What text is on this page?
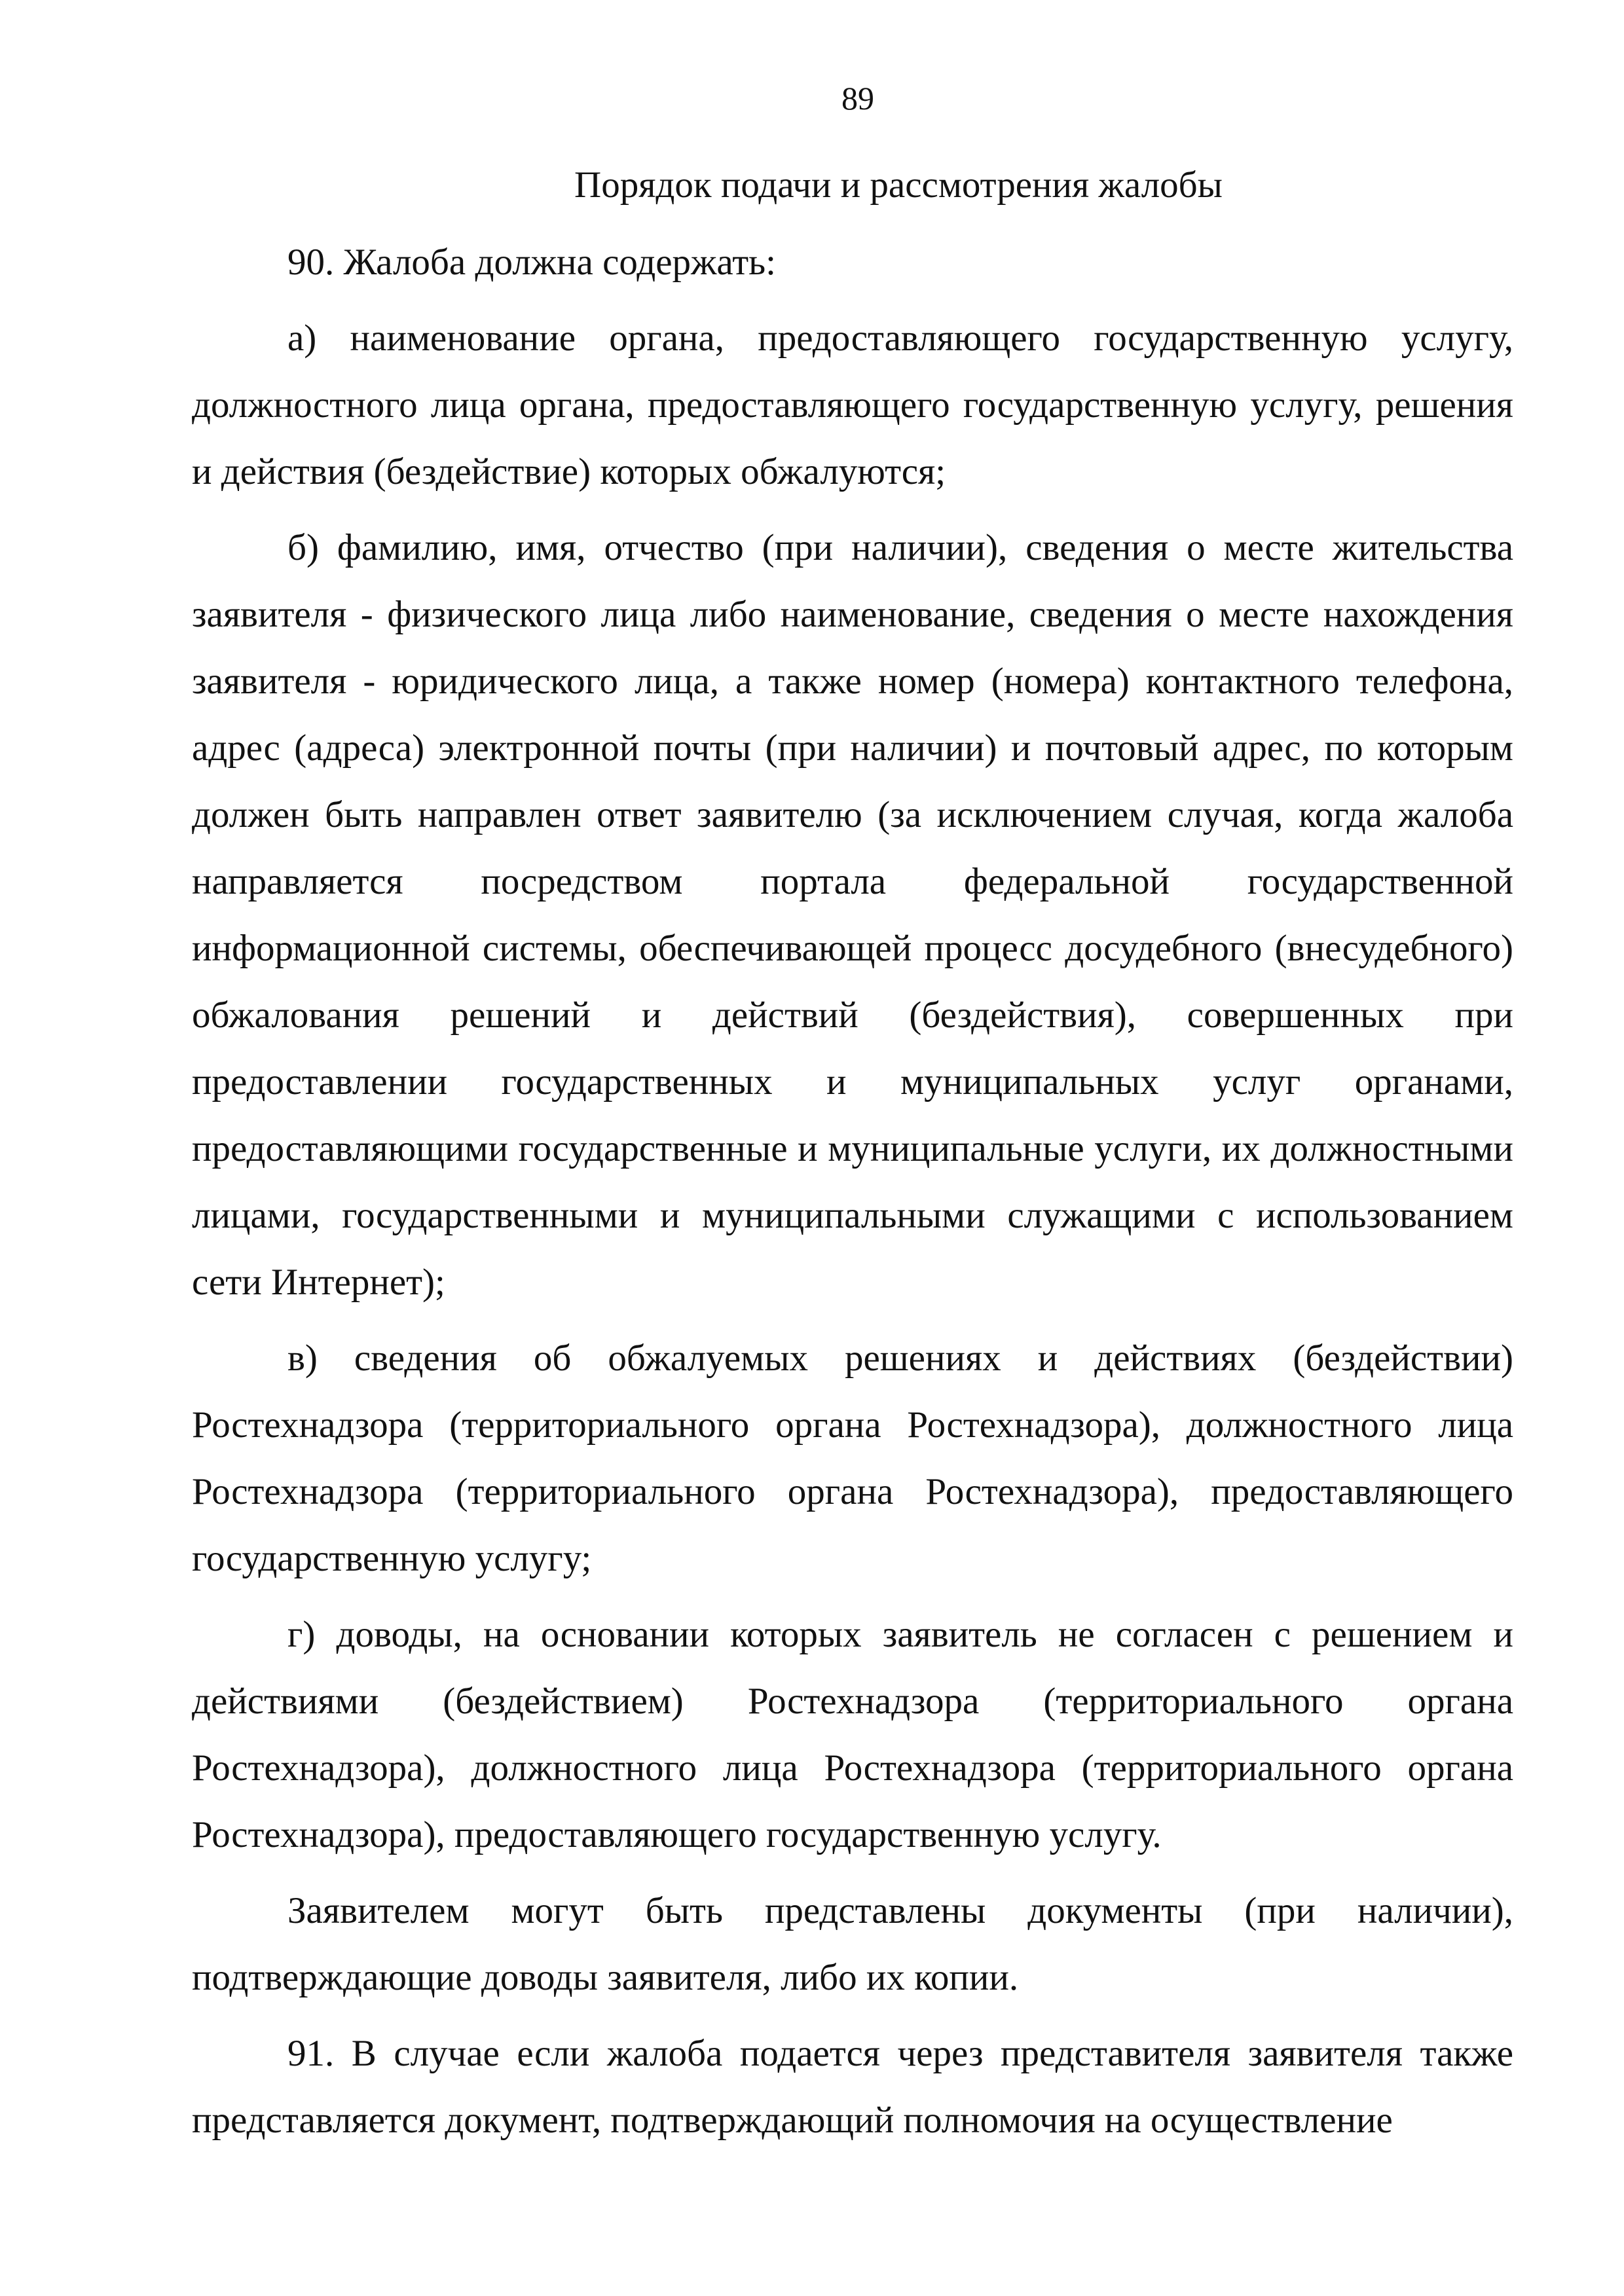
89
Порядок подачи и рассмотрения жалобы

90. Жалоба должна содержать:

а) наименование органа, предоставляющего государственную услугу, должностного лица органа, предоставляющего государственную услугу, решения и действия (бездействие) которых обжалуются;

б) фамилию, имя, отчество (при наличии), сведения о месте жительства заявителя - физического лица либо наименование, сведения о месте нахождения заявителя - юридического лица, а также номер (номера) контактного телефона, адрес (адреса) электронной почты (при наличии) и почтовый адрес, по которым должен быть направлен ответ заявителю (за исключением случая, когда жалоба направляется посредством портала федеральной государственной информационной системы, обеспечивающей процесс досудебного (внесудебного) обжалования решений и действий (бездействия), совершенных при предоставлении государственных и муниципальных услуг органами, предоставляющими государственные и муниципальные услуги, их должностными лицами, государственными и муниципальными служащими с использованием сети Интернет);

в) сведения об обжалуемых решениях и действиях (бездействии) Ростехнадзора (территориального органа Ростехнадзора), должностного лица Ростехнадзора (территориального органа Ростехнадзора), предоставляющего государственную услугу;

г) доводы, на основании которых заявитель не согласен с решением и действиями (бездействием) Ростехнадзора (территориального органа Ростехнадзора), должностного лица Ростехнадзора (территориального органа Ростехнадзора), предоставляющего государственную услугу.

Заявителем могут быть представлены документы (при наличии), подтверждающие доводы заявителя, либо их копии.

91. В случае если жалоба подается через представителя заявителя также представляется документ, подтверждающий полномочия на осуществление
